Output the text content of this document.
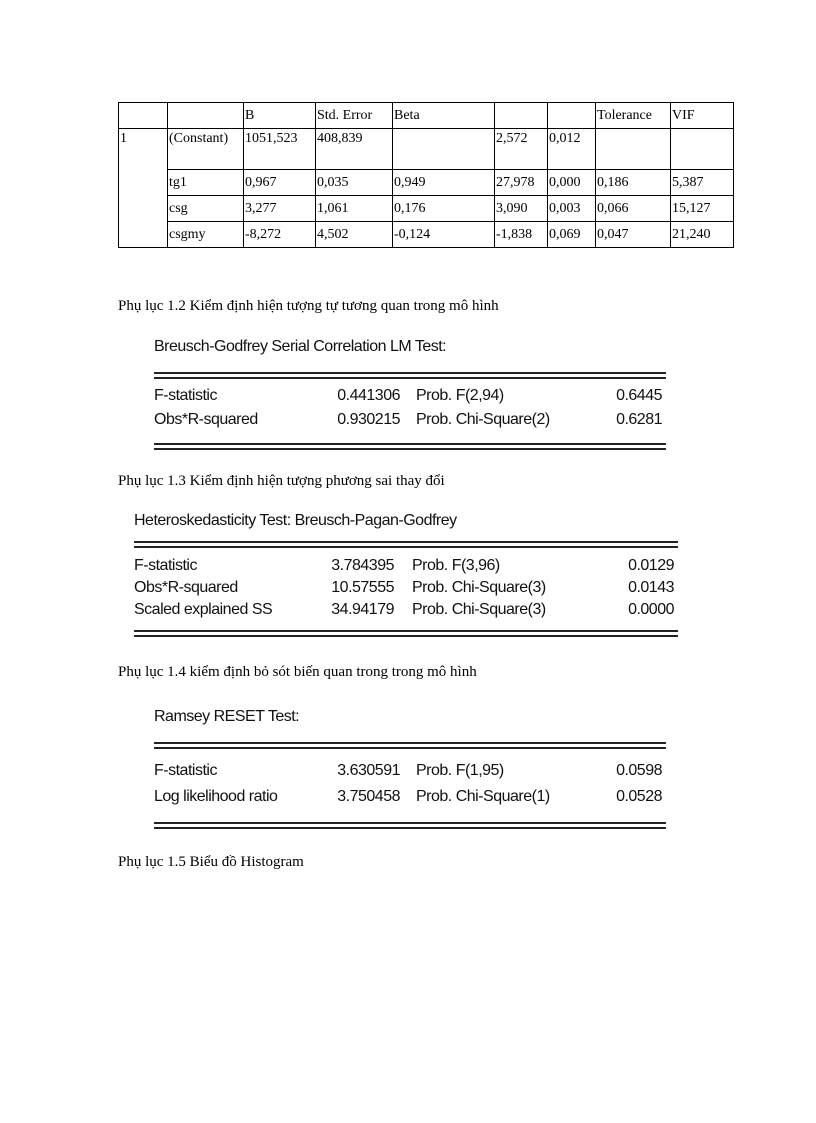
		B	Std. Error	Beta			Tolerance	VIF
1	(Constant)	1051,523	408,839		2,572	0,012		
	tg1	0,967	0,035	0,949	27,978	0,000	0,186	5,387
	csg	3,277	1,061	0,176	3,090	0,003	0,066	15,127
	csgmy	-8,272	4,502	-0,124	-1,838	0,069	0,047	21,240
Phụ lục 1.2 Kiểm định hiện tượng tự tương quan trong mô hình
Breusch-Godfrey Serial Correlation LM Test:
F-statistic	0.441306 Prob. F(2,94)	0.6445
Obs*R-squared	0.930215 Prob. Chi-Square(2)	0.6281
Phụ lục 1.3 Kiểm định hiện tượng phương sai thay đổi
Heteroskedasticity Test: Breusch-Pagan-Godfrey
F-statistic	3.784395 Prob. F(3,96)	0.0129
Obs*R-squared	10.57555 Prob. Chi-Square(3)	0.0143
Scaled explained SS	34.94179 Prob. Chi-Square(3)	0.0000
Phụ lục 1.4 kiểm định bỏ sót biến quan trong trong mô hình
Ramsey RESET Test:
F-statistic	3.630591 Prob. F(1,95)	0.0598
Log likelihood ratio	3.750458 Prob. Chi-Square(1)	0.0528
Phụ lục 1.5 Biểu đồ Histogram
